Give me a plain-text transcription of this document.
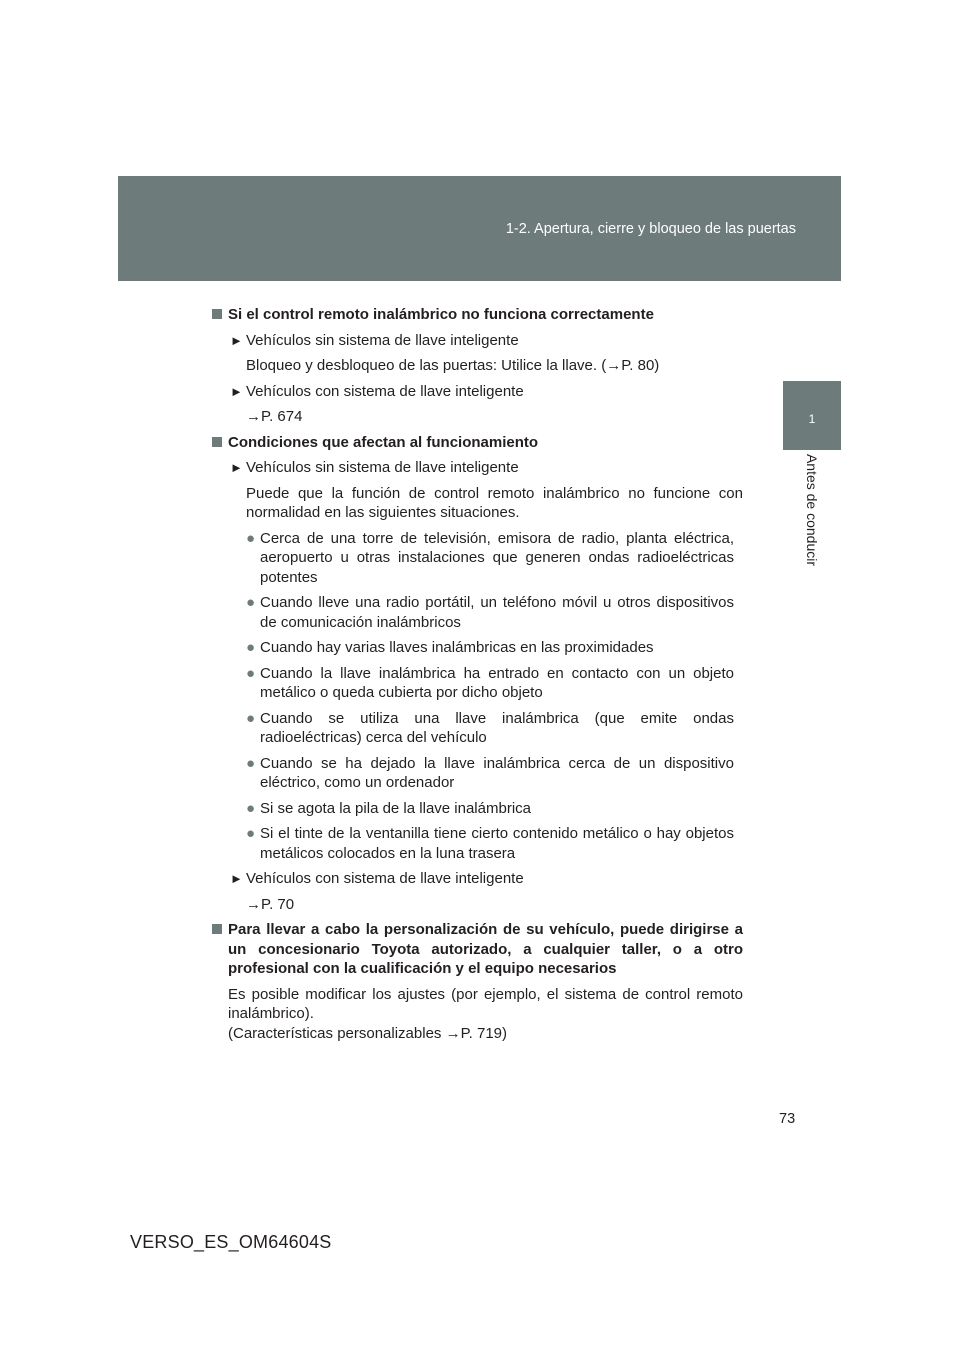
1-2. Apertura, cierre y bloqueo de las puertas
1
Antes de conducir
Si el control remoto inalámbrico no funciona correctamente
► Vehículos sin sistema de llave inteligente
Bloqueo y desbloqueo de las puertas: Utilice la llave. (→P. 80)
► Vehículos con sistema de llave inteligente
→P. 674
Condiciones que afectan al funcionamiento
► Vehículos sin sistema de llave inteligente
Puede que la función de control remoto inalámbrico no funcione con normalidad en las siguientes situaciones.
● Cerca de una torre de televisión, emisora de radio, planta eléctrica, aeropuerto u otras instalaciones que generen ondas radioeléctricas potentes
● Cuando lleve una radio portátil, un teléfono móvil u otros dispositivos de comunicación inalámbricos
● Cuando hay varias llaves inalámbricas en las proximidades
● Cuando la llave inalámbrica ha entrado en contacto con un objeto metálico o queda cubierta por dicho objeto
● Cuando se utiliza una llave inalámbrica (que emite ondas radioeléctricas) cerca del vehículo
● Cuando se ha dejado la llave inalámbrica cerca de un dispositivo eléctrico, como un ordenador
● Si se agota la pila de la llave inalámbrica
● Si el tinte de la ventanilla tiene cierto contenido metálico o hay objetos metálicos colocados en la luna trasera
► Vehículos con sistema de llave inteligente
→P. 70
Para llevar a cabo la personalización de su vehículo, puede dirigirse a un concesionario Toyota autorizado, a cualquier taller, o a otro profesional con la cualificación y el equipo necesarios
Es posible modificar los ajustes (por ejemplo, el sistema de control remoto inalámbrico).
(Características personalizables →P. 719)
73
VERSO_ES_OM64604S
